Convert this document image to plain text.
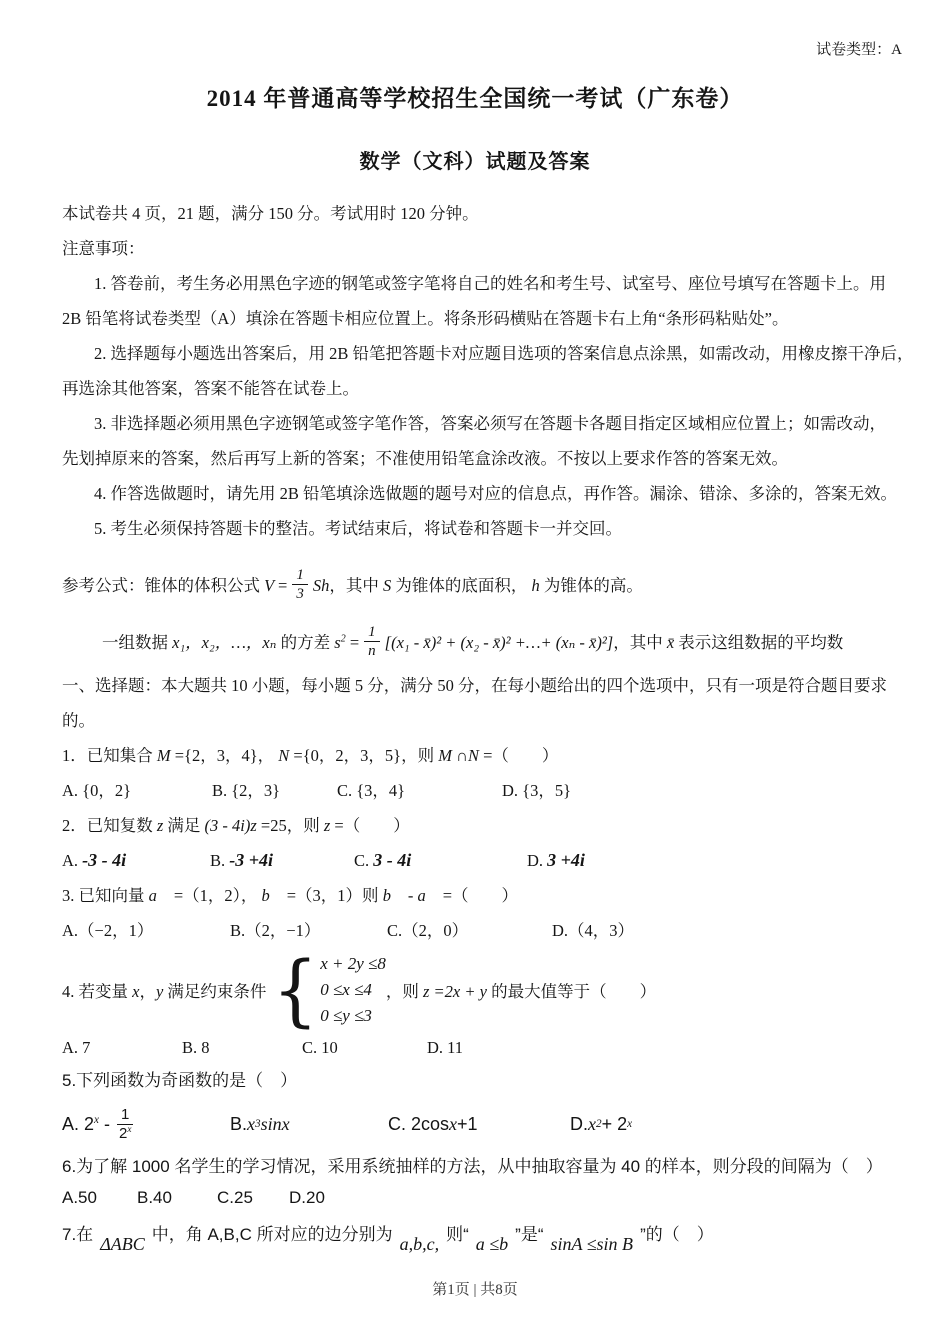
试卷类型：A
2014 年普通高等学校招生全国统一考试（广东卷）
数学（文科）试题及答案

本试卷共 4 页，21 题，满分 150 分。考试用时 120 分钟。

注意事项：

1. 答卷前，考生务必用黑色字迹的钢笔或签字笔将自己的姓名和考生号、试室号、座位号填写在答题卡上。用

2B 铅笔将试卷类型（A）填涂在答题卡相应位置上。将条形码横贴在答题卡右上角“条形码粘贴处”。

2. 选择题每小题选出答案后，用 2B 铅笔把答题卡对应题目选项的答案信息点涂黑，如需改动，用橡皮擦干净后，

再选涂其他答案，答案不能答在试卷上。

3. 非选择题必须用黑色字迹钢笔或签字笔作答，答案必须写在答题卡各题目指定区域相应位置上；如需改动，

先划掉原来的答案，然后再写上新的答案；不准使用铅笔盒涂改液。不按以上要求作答的答案无效。

4. 作答选做题时，请先用 2B 铅笔填涂选做题的题号对应的信息点，再作答。漏涂、错涂、多涂的，答案无效。

5. 考生必须保持答题卡的整洁。考试结束后，将试卷和答题卡一并交回。

参考公式：锥体的体积公式 $V = \frac{1}{3}$ Sh，其中 S 为锥体的底面积， h 为锥体的高。
一组数据 x₁，x₂，…，xₙ 的方差 $s^2 = \frac{1}{n} [(x_1$ - x̄)² + (x₂ - x̄)² +…+ (xₙ - x̄)²]，其中 x̄ 表示这组数据的平均数

一、选择题：本大题共 10 小题，每小题 5 分，满分 50 分，在每小题给出的四个选项中，只有一项是符合题目要求

的。

1．已知集合 M ={2，3，4}， N ={0，2，3，5}，则 M ∩N =（　　）

A. {0，2}	B. {2，3}	C. {3，4}	D. {3，5}

2．已知复数 z 满足 (3 - 4i)z =25，则 z =（　　）

A. -3 - 4i	B. -3 +4i	C. 3 - 4i	D. 3 +4i

3. 已知向量 a⃗ =（1，2）， b⃗ =（3，1）则 b⃗ - a⃗ =（　　）

A.（−2，1）	B.（2，−1）	C.（2，0）	D.（4，3）
4. 若变量 x，y 满足约束条件 { x + 2y ≤8
0 ≤x ≤4
0 ≤y ≤3
，则 z =2x + y 的最大值等于（　　）
A. 7	B. 8	C. 10	D. 11

5.下列函数为奇函数的是（　）

A. $2^x - \frac{1}{2^x}$	B. x 3 sin x	C. 2cos x +1	D. x 2 + 2 x

6.为了解 1000 名学生的学习情况，采用系统抽样的方法，从中抽取容量为 40 的样本，则分段的间隔为（　）

A.50	B.40	C.25	D.20

7.在 ΔABC 中，角 A,B,C 所对应的边分别为 a,b,c, 则“ a ≤b ”是“ sinA ≤sin B ”的（　）

第1页 | 共8页
